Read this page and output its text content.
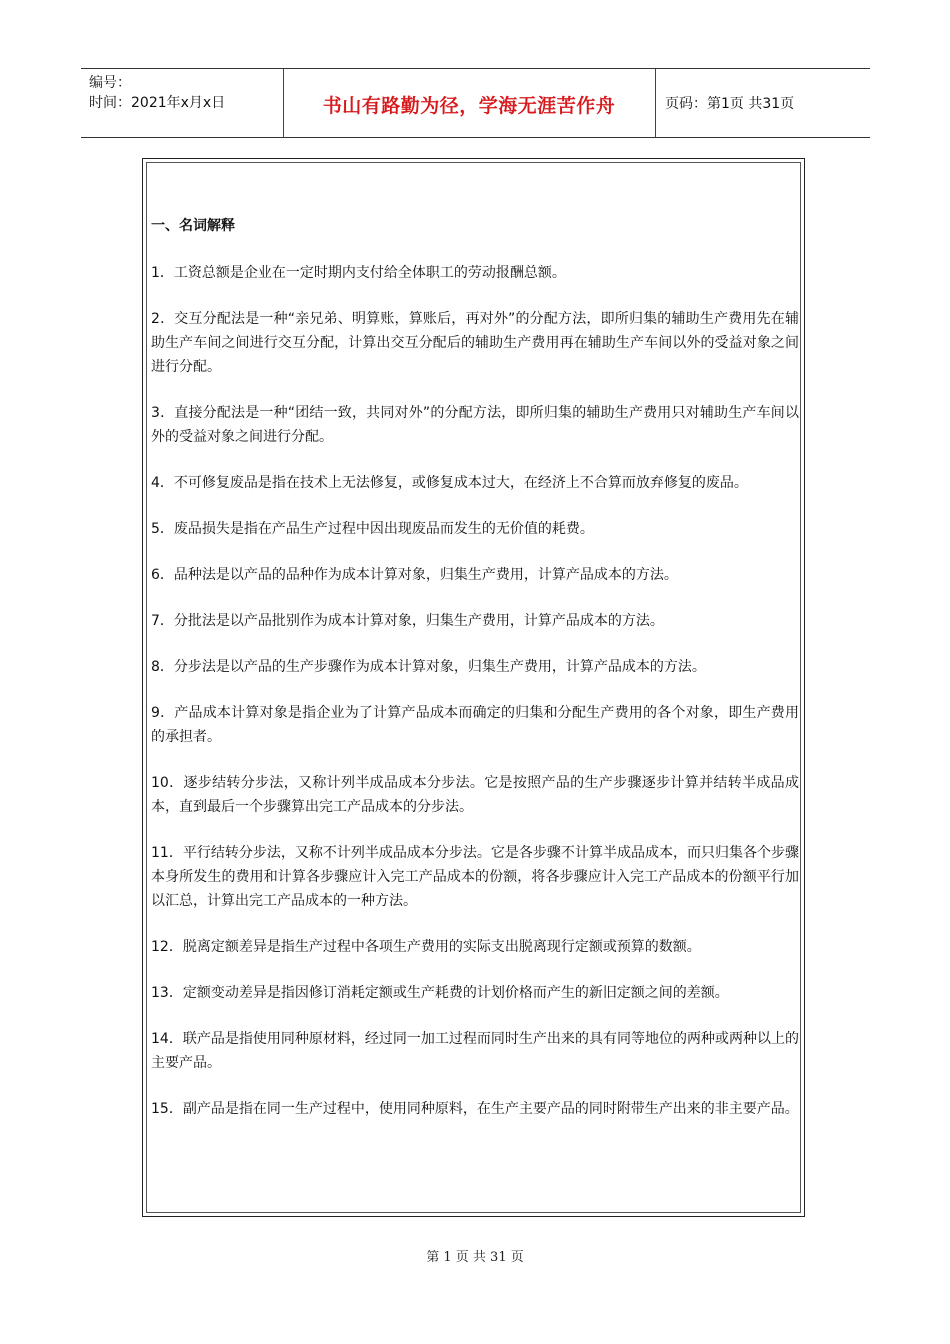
编号：
时间：2021年x月x日	书山有路勤为径，学海无涯苦作舟	页码：第1页 共31页
一、名词解释
1．工资总额是企业在一定时期内支付给全体职工的劳动报酬总额。
2．交互分配法是一种“亲兄弟、明算账，算账后，再对外”的分配方法，即所归集的辅助生产费用先在辅助生产车间之间进行交互分配，计算出交互分配后的辅助生产费用再在辅助生产车间以外的受益对象之间进行分配。
3．直接分配法是一种“团结一致，共同对外”的分配方法，即所归集的辅助生产费用只对辅助生产车间以外的受益对象之间进行分配。
4．不可修复废品是指在技术上无法修复，或修复成本过大，在经济上不合算而放弃修复的废品。
5．废品损失是指在产品生产过程中因出现废品而发生的无价值的耗费。
6．品种法是以产品的品种作为成本计算对象，归集生产费用，计算产品成本的方法。
7．分批法是以产品批别作为成本计算对象，归集生产费用，计算产品成本的方法。
8．分步法是以产品的生产步骤作为成本计算对象，归集生产费用，计算产品成本的方法。
9．产品成本计算对象是指企业为了计算产品成本而确定的归集和分配生产费用的各个对象，即生产费用的承担者。
10．逐步结转分步法，又称计列半成品成本分步法。它是按照产品的生产步骤逐步计算并结转半成品成本，直到最后一个步骤算出完工产品成本的分步法。
11．平行结转分步法，又称不计列半成品成本分步法。它是各步骤不计算半成品成本，而只归集各个步骤本身所发生的费用和计算各步骤应计入完工产品成本的份额，将各步骤应计入完工产品成本的份额平行加以汇总，计算出完工产品成本的一种方法。
12．脱离定额差异是指生产过程中各项生产费用的实际支出脱离现行定额或预算的数额。
13．定额变动差异是指因修订消耗定额或生产耗费的计划价格而产生的新旧定额之间的差额。
14．联产品是指使用同种原材料，经过同一加工过程而同时生产出来的具有同等地位的两种或两种以上的主要产品。
15．副产品是指在同一生产过程中，使用同种原料，在生产主要产品的同时附带生产出来的非主要产品。
第 1 页 共 31 页
